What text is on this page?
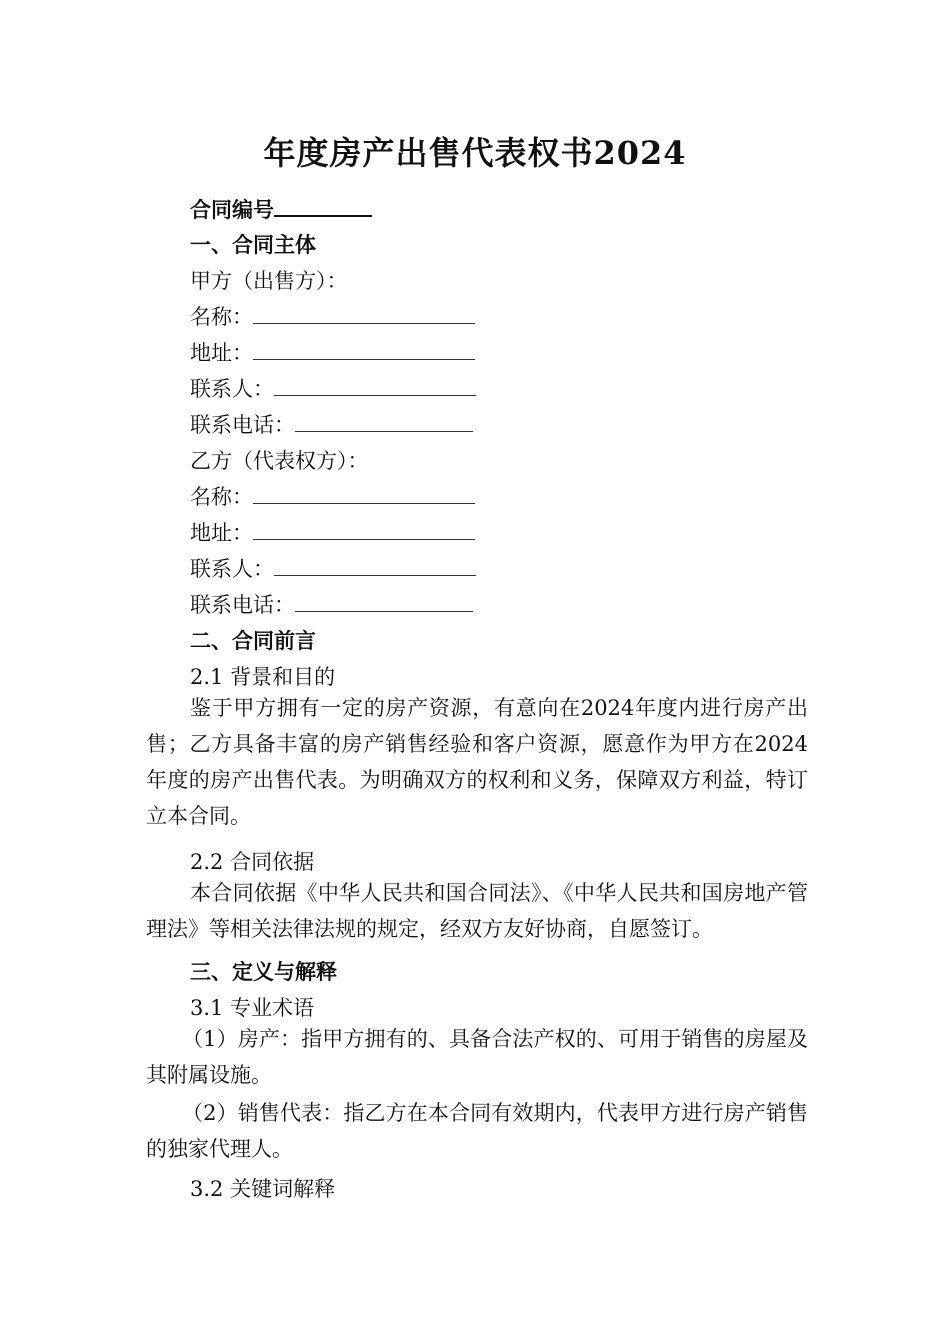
年度房产出售代表权书2024
合同编号
一、合同主体
甲方（出售方）：
名称：
地址：
联系人：
联系电话：
乙方（代表权方）：
名称：
地址：
联系人：
联系电话：
二、合同前言
2.1 背景和目的
鉴于甲方拥有一定的房产资源，有意向在2024年度内进行房产出售；乙方具备丰富的房产销售经验和客户资源，愿意作为甲方在2024年度的房产出售代表。为明确双方的权利和义务，保障双方利益，特订立本合同。
2.2 合同依据
本合同依据《中华人民共和国合同法》、《中华人民共和国房地产管理法》等相关法律法规的规定，经双方友好协商，自愿签订。
三、定义与解释
3.1 专业术语
（1）房产：指甲方拥有的、具备合法产权的、可用于销售的房屋及其附属设施。
（2）销售代表：指乙方在本合同有效期内，代表甲方进行房产销售的独家代理人。
3.2 关键词解释
